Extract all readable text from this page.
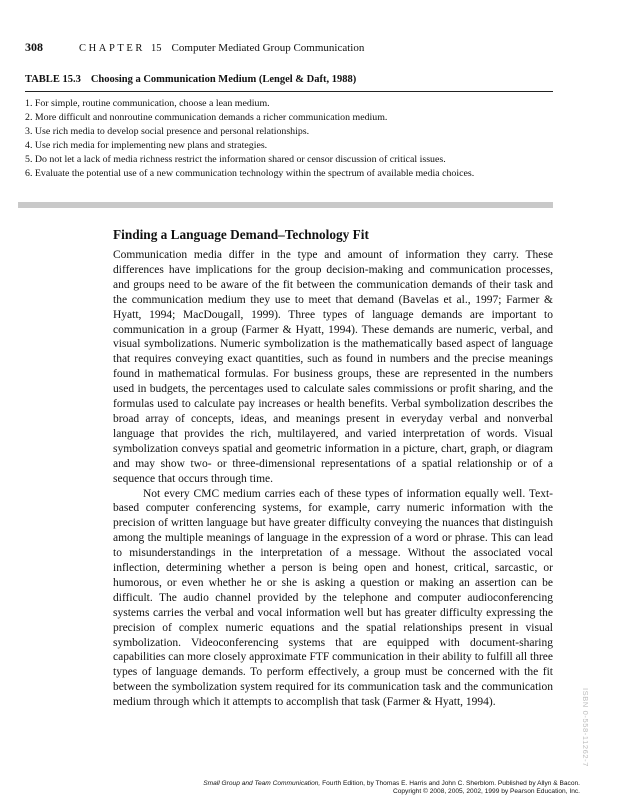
308	CHAPTER 15 Computer Mediated Group Communication
TABLE 15.3 Choosing a Communication Medium (Lengel & Daft, 1988)
1. For simple, routine communication, choose a lean medium.
2. More difficult and nonroutine communication demands a richer communication medium.
3. Use rich media to develop social presence and personal relationships.
4. Use rich media for implementing new plans and strategies.
5. Do not let a lack of media richness restrict the information shared or censor discussion of critical issues.
6. Evaluate the potential use of a new communication technology within the spectrum of available media choices.
Finding a Language Demand–Technology Fit

Communication media differ in the type and amount of information they carry. These differences have implications for the group decision-making and communication processes, and groups need to be aware of the fit between the communication demands of their task and the communication medium they use to meet that demand (Bavelas et al., 1997; Farmer & Hyatt, 1994; MacDougall, 1999). Three types of language demands are important to communication in a group (Farmer & Hyatt, 1994). These demands are numeric, verbal, and visual symbolizations. Numeric symbolization is the mathematically based aspect of language that requires conveying exact quantities, such as found in numbers and the precise meanings found in mathematical formulas. For business groups, these are represented in the numbers used in budgets, the percentages used to calculate sales commissions or profit sharing, and the formulas used to calculate pay increases or health benefits. Verbal symbolization describes the broad array of concepts, ideas, and meanings present in everyday verbal and nonverbal language that provides the rich, multilayered, and varied interpretation of words. Visual symbolization conveys spatial and geometric information in a picture, chart, graph, or diagram and may show two- or three-dimensional representations of a spatial relationship or of a sequence that occurs through time.

Not every CMC medium carries each of these types of information equally well. Text-based computer conferencing systems, for example, carry numeric information with the precision of written language but have greater difficulty conveying the nuances that distinguish among the multiple meanings of language in the expression of a word or phrase. This can lead to misunderstandings in the interpretation of a message. Without the associated vocal inflection, determining whether a person is being open and honest, critical, sarcastic, or humorous, or even whether he or she is asking a question or making an assertion can be difficult. The audio channel provided by the telephone and computer audioconferencing systems carries the verbal and vocal information well but has greater difficulty expressing the precision of complex numeric equations and the spatial relationships present in visual symbolization. Videoconferencing systems that are equipped with document-sharing capabilities can more closely approximate FTF communication in their ability to fulfill all three types of language demands. To perform effectively, a group must be concerned with the fit between the symbolization system required for its communication task and the communication medium through which it attempts to accomplish that task (Farmer & Hyatt, 1994).	ISBN 0-558-11262-7
Small Group and Team Communication, Fourth Edition, by Thomas E. Harris and John C. Sherblom. Published by Allyn & Bacon.
Copyright © 2008, 2005, 2002, 1999 by Pearson Education, Inc.
